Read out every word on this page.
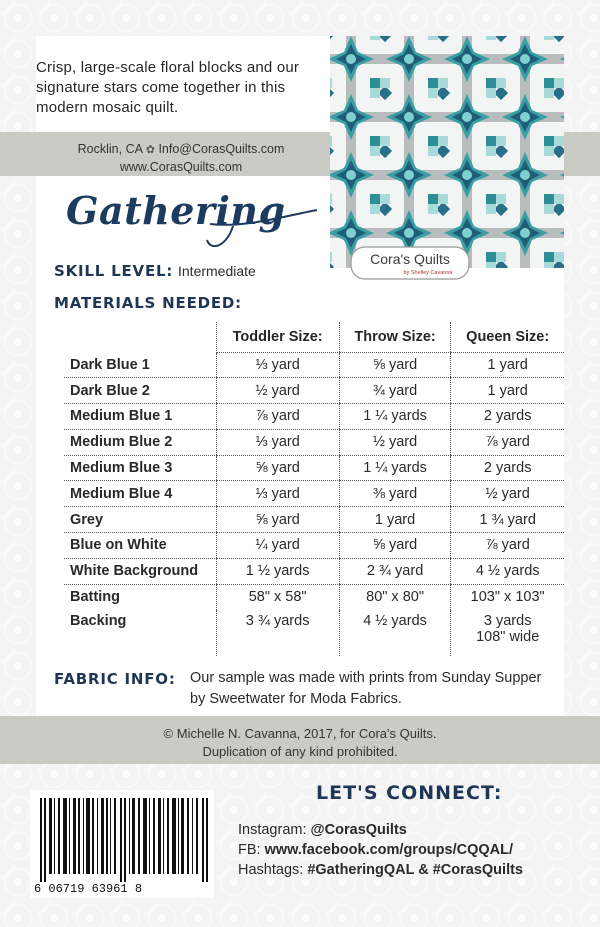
Crisp, large-scale floral blocks and our signature stars come together in this modern mosaic quilt.
Rocklin, CA ✿ Info@CorasQuilts.com
www.CorasQuilts.com
Gathering
Cora's Quilts
by Shelley Cavanna
SKILL LEVEL: Intermediate
MATERIALS NEEDED:
	Toddler Size:	Throw Size:	Queen Size:
Dark Blue 1	⅓ yard	⅝ yard	1 yard
Dark Blue 2	½ yard	¾ yard	1 yard
Medium Blue 1	⅞ yard	1 ¼ yards	2 yards
Medium Blue 2	⅓ yard	½ yard	⅞ yard
Medium Blue 3	⅝ yard	1 ¼ yards	2 yards
Medium Blue 4	⅓ yard	⅜ yard	½ yard
Grey	⅝ yard	1 yard	1 ¾ yard
Blue on White	¼ yard	⅝ yard	⅞ yard
White Background	1 ½ yards	2 ¾ yard	4 ½ yards
Batting	58" x 58"	80" x 80"	103" x 103"
Backing	3 ¾ yards	4 ½ yards	3 yards
108" wide
FABRIC INFO: Our sample was made with prints from Sunday Supper by Sweetwater for Moda Fabrics.
© Michelle N. Cavanna, 2017, for Cora's Quilts.
Duplication of any kind prohibited.
6 06719 63961 8
LET'S CONNECT:
Instagram: @CorasQuilts
FB: www.facebook.com/groups/CQQAL/
Hashtags: #GatheringQAL & #CorasQuilts
